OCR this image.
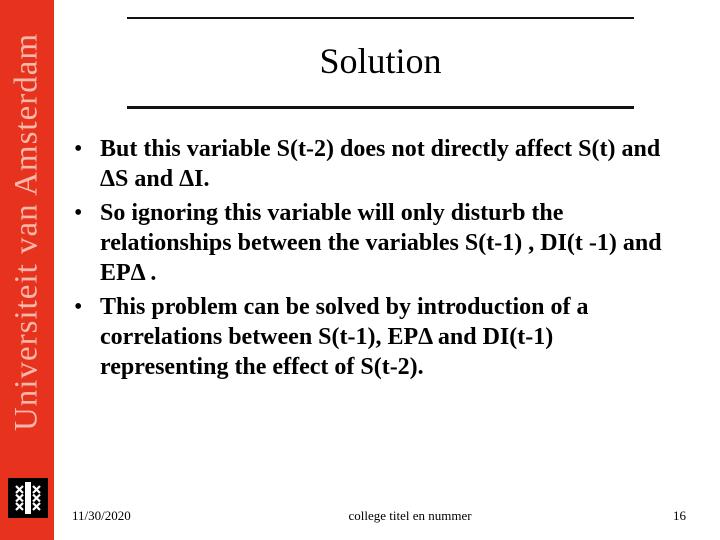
Universiteit van Amsterdam	Solution
• But this variable S(t-2) does not directly affect S(t) and ΔS and ΔI.
• So ignoring this variable will only disturb the relationships between the variables S(t-1) , DI(t -1) and EPΔ .
• This problem can be solved by introduction of a correlations between S(t-1), EPΔ and DI(t-1) representing the effect of S(t-2).
11/30/2020	college titel en nummer	16
